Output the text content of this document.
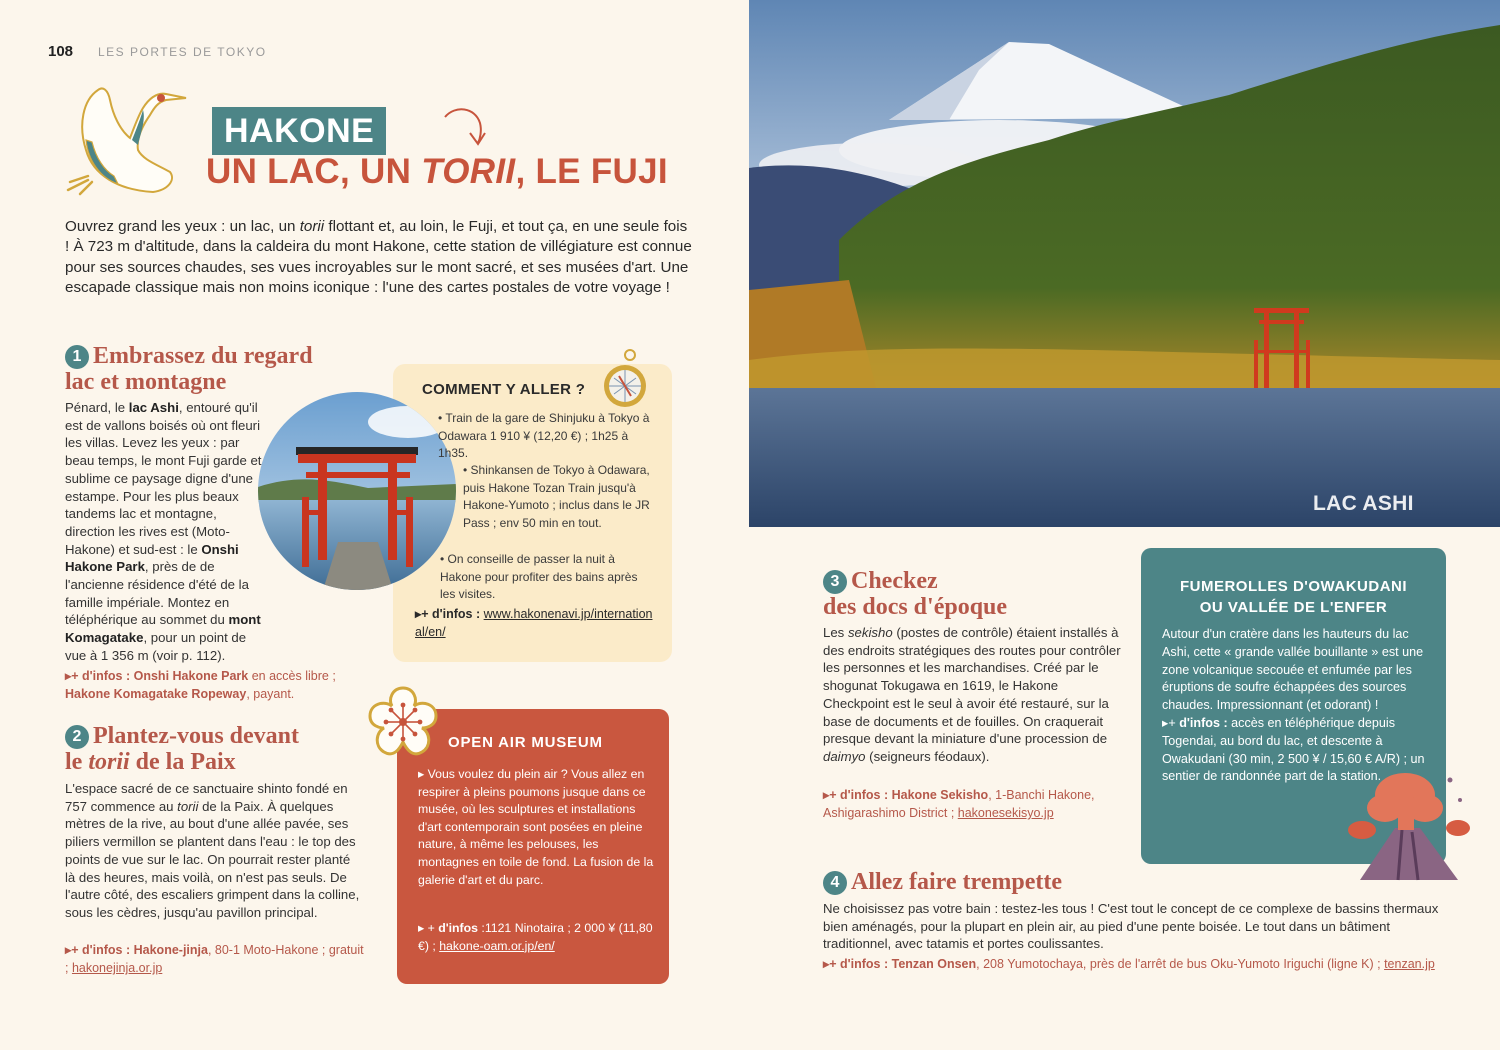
108 LES PORTES DE TOKYO
HAKONE
UN LAC, UN TORII, LE FUJI

Ouvrez grand les yeux : un lac, un torii flottant et, au loin, le Fuji, et tout ça, en une seule fois ! À 723 m d'altitude, dans la caldeira du mont Hakone, cette station de villégiature est connue pour ses sources chaudes, ses vues incroyables sur le mont sacré, et ses musées d'art. Une escapade classique mais non moins iconique : l'une des cartes postales de votre voyage !

1 Embrassez du regard
lac et montagne

Pénard, le lac Ashi, entouré qu'il est de vallons boisés où ont fleuri les villas. Levez les yeux : par beau temps, le mont Fuji garde et sublime ce paysage digne d'une estampe. Pour les plus beaux tandems lac et montagne, direction les rives est (Moto-Hakone) et sud-est : le Onshi Hakone Park, près de de l'ancienne résidence d'été de la famille impériale. Montez en téléphérique au sommet du mont Komagatake, pour un point de vue à 1 356 m (voir p. 112).

▸+ d'infos : Onshi Hakone Park en accès libre ;
Hakone Komagatake Ropeway, payant.
COMMENT Y ALLER ?
• Train de la gare de Shinjuku à Tokyo à Odawara 1 910 ¥ (12,20 €) ; 1h25 à 1h35.
• Shinkansen de Tokyo à Odawara, puis Hakone Tozan Train jusqu'à Hakone-Yumoto ; inclus dans le JR Pass ; env 50 min en tout.
• On conseille de passer la nuit à Hakone pour profiter des bains après les visites.
▸+ d'infos : www.hakonenavi.jp/international/en/
2 Plantez-vous devant
le torii de la Paix

L'espace sacré de ce sanctuaire shinto fondé en 757 commence au torii de la Paix. À quelques mètres de la rive, au bout d'une allée pavée, ses piliers vermillon se plantent dans l'eau : le top des points de vue sur le lac. On pourrait rester planté là des heures, mais voilà, on n'est pas seuls. De l'autre côté, des escaliers grimpent dans la colline, sous les cèdres, jusqu'au pavillon principal.

▸+ d'infos : Hakone-jinja, 80-1 Moto-Hakone ; gratuit ; hakonejinja.or.jp
OPEN AIR MUSEUM

▸ Vous voulez du plein air ? Vous allez en respirer à pleins poumons jusque dans ce musée, où les sculptures et installations d'art contemporain sont posées en pleine nature, à même les pelouses, les montagnes en toile de fond. La fusion de la galerie d'art et du parc.

▸ + d'infos :1121 Ninotaira ; 2 000 ¥ (11,80 €) ; hakone-oam.or.jp/en/
LAC ASHI
3 Checkez
des docs d'époque

Les sekisho (postes de contrôle) étaient installés à des endroits stratégiques des routes pour contrôler les personnes et les marchandises. Créé par le shogunat Tokugawa en 1619, le Hakone Checkpoint est le seul à avoir été restauré, sur la base de documents et de fouilles. On craquerait presque devant la miniature d'une procession de daimyo (seigneurs féodaux).

▸+ d'infos : Hakone Sekisho, 1-Banchi Hakone, Ashigarashimo District ; hakonesekisyo.jp
FUMEROLLES D'OWAKUDANI
OU VALLÉE DE L'ENFER

Autour d'un cratère dans les hauteurs du lac Ashi, cette « grande vallée bouillante » est une zone volcanique secouée et enfumée par les éruptions de soufre échappées des sources chaudes. Impressionnant (et odorant) !
▸+ d'infos : accès en téléphérique depuis Togendai, au bord du lac, et descente à Owakudani (30 min, 2 500 ¥ / 15,60 € A/R) ; un sentier de randonnée part de la station.

4 Allez faire trempette

Ne choisissez pas votre bain : testez-les tous ! C'est tout le concept de ce complexe de bassins thermaux bien aménagés, pour la plupart en plein air, au pied d'une pente boisée. Le tout dans un bâtiment traditionnel, avec tatamis et portes coulissantes.

▸+ d'infos : Tenzan Onsen, 208 Yumotochaya, près de l'arrêt de bus Oku-Yumoto Iriguchi (ligne K) ; tenzan.jp
